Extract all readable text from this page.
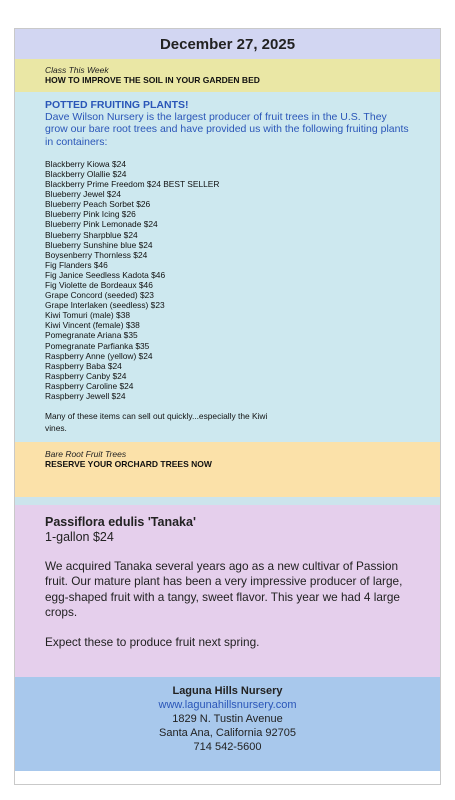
December 27, 2025
Class This Week
HOW TO IMPROVE THE SOIL IN YOUR GARDEN BED
POTTED FRUITING PLANTS!
Dave Wilson Nursery is the largest producer of fruit trees in the U.S. They grow our bare root trees and have provided us with the following fruiting plants in containers:
Blackberry Kiowa $24
Blackberry Olallie $24
Blackberry Prime Freedom $24 BEST SELLER
Blueberry Jewel $24
Blueberry Peach Sorbet $26
Blueberry Pink Icing $26
Blueberry Pink Lemonade $24
Blueberry Sharpblue $24
Blueberry Sunshine blue $24
Boysenberry Thornless $24
Fig Flanders $46
Fig Janice Seedless Kadota $46
Fig Violette de Bordeaux $46
Grape Concord (seeded) $23
Grape Interlaken (seedless) $23
Kiwi Tomuri (male) $38
Kiwi Vincent (female) $38
Pomegranate Ariana $35
Pomegranate Parfianka $35
Raspberry Anne (yellow) $24
Raspberry Baba $24
Raspberry Canby $24
Raspberry Caroline $24
Raspberry Jewell $24
Many of these items can sell out quickly...especially the Kiwi vines.
Bare Root Fruit Trees
RESERVE YOUR ORCHARD TREES NOW
Passiflora edulis 'Tanaka'
1-gallon $24
We acquired Tanaka several years ago as a new cultivar of Passion fruit. Our mature plant has been a very impressive producer of large, egg-shaped fruit with a tangy, sweet flavor. This year we had 4 large crops.
Expect these to produce fruit next spring.
Laguna Hills Nursery
www.lagunahillsnursery.com
1829 N. Tustin Avenue
Santa Ana, California 92705
714 542-5600
